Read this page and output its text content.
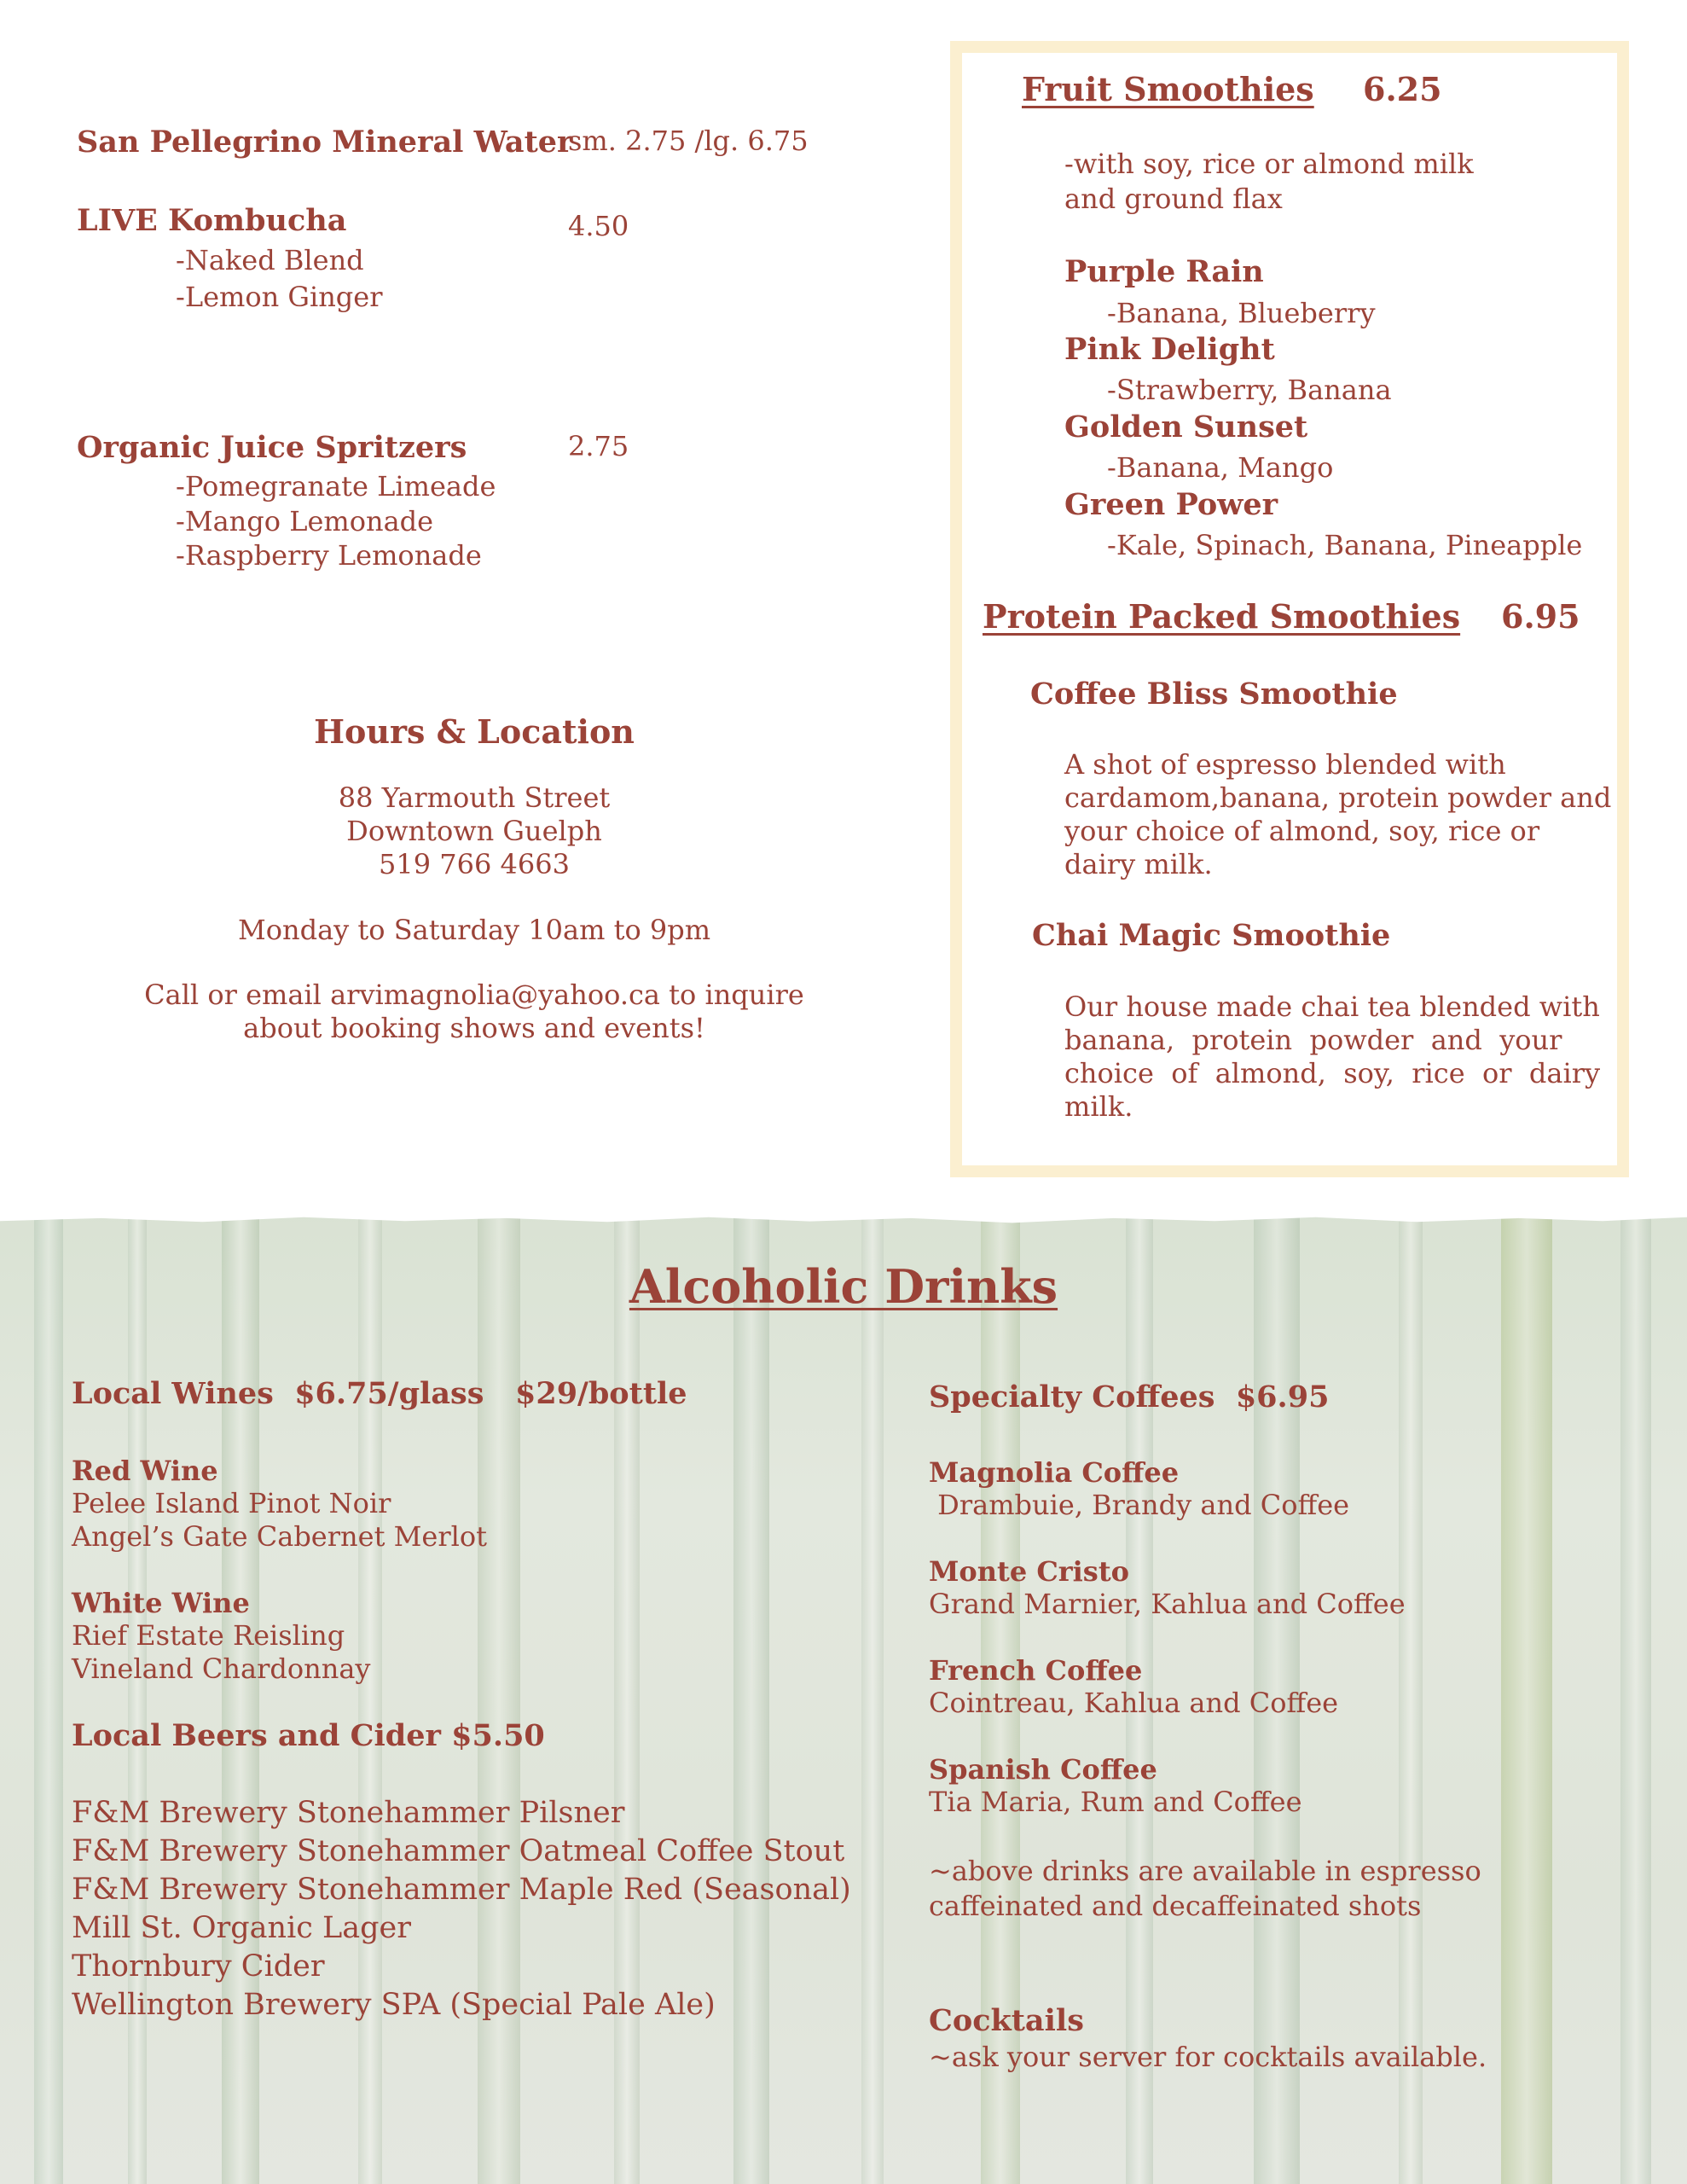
San Pellegrino Mineral Water
sm. 2.75 /lg. 6.75
LIVE Kombucha	4.50
-Naked Blend
-Lemon Ginger
Organic Juice Spritzers	2.75
-Pomegranate Limeade
-Mango Lemonade
-Raspberry Lemonade
Hours & Location
88 Yarmouth Street
Downtown Guelph
519 766 4663
Monday to Saturday 10am to 9pm
Call or email arvimagnolia@yahoo.ca to inquire
about booking shows and events!
Fruit Smoothies 6.25
-with soy, rice or almond milk
and ground flax
Purple Rain
-Banana, Blueberry
Pink Delight
-Strawberry, Banana
Golden Sunset
-Banana, Mango
Green Power
-Kale, Spinach, Banana, Pineapple
Protein Packed Smoothies 6.95
Coffee Bliss Smoothie
A shot of espresso blended with
cardamom,banana, protein powder and
your choice of almond, soy, rice or
dairy milk.
Chai Magic Smoothie
Our house made chai tea blended with
banana,  protein  powder  and  your
choice  of  almond,  soy,  rice  or  dairy
milk.
Alcoholic Drinks
Local Wines  $6.75/glass   $29/bottle
Red Wine
Pelee Island Pinot Noir
Angel’s Gate Cabernet Merlot
White Wine
Rief Estate Reisling
Vineland Chardonnay
Local Beers and Cider $5.50
F&M Brewery Stonehammer Pilsner
F&M Brewery Stonehammer Oatmeal Coffee Stout
F&M Brewery Stonehammer Maple Red (Seasonal)
Mill St. Organic Lager
Thornbury Cider
Wellington Brewery SPA (Special Pale Ale)
Specialty Coffees  $6.95
Magnolia Coffee
Drambuie, Brandy and Coffee
Monte Cristo
Grand Marnier, Kahlua and Coffee
French Coffee
Cointreau, Kahlua and Coffee
Spanish Coffee
Tia Maria, Rum and Coffee
~above drinks are available in espresso
caffeinated and decaffeinated shots
Cocktails
~ask your server for cocktails available.
